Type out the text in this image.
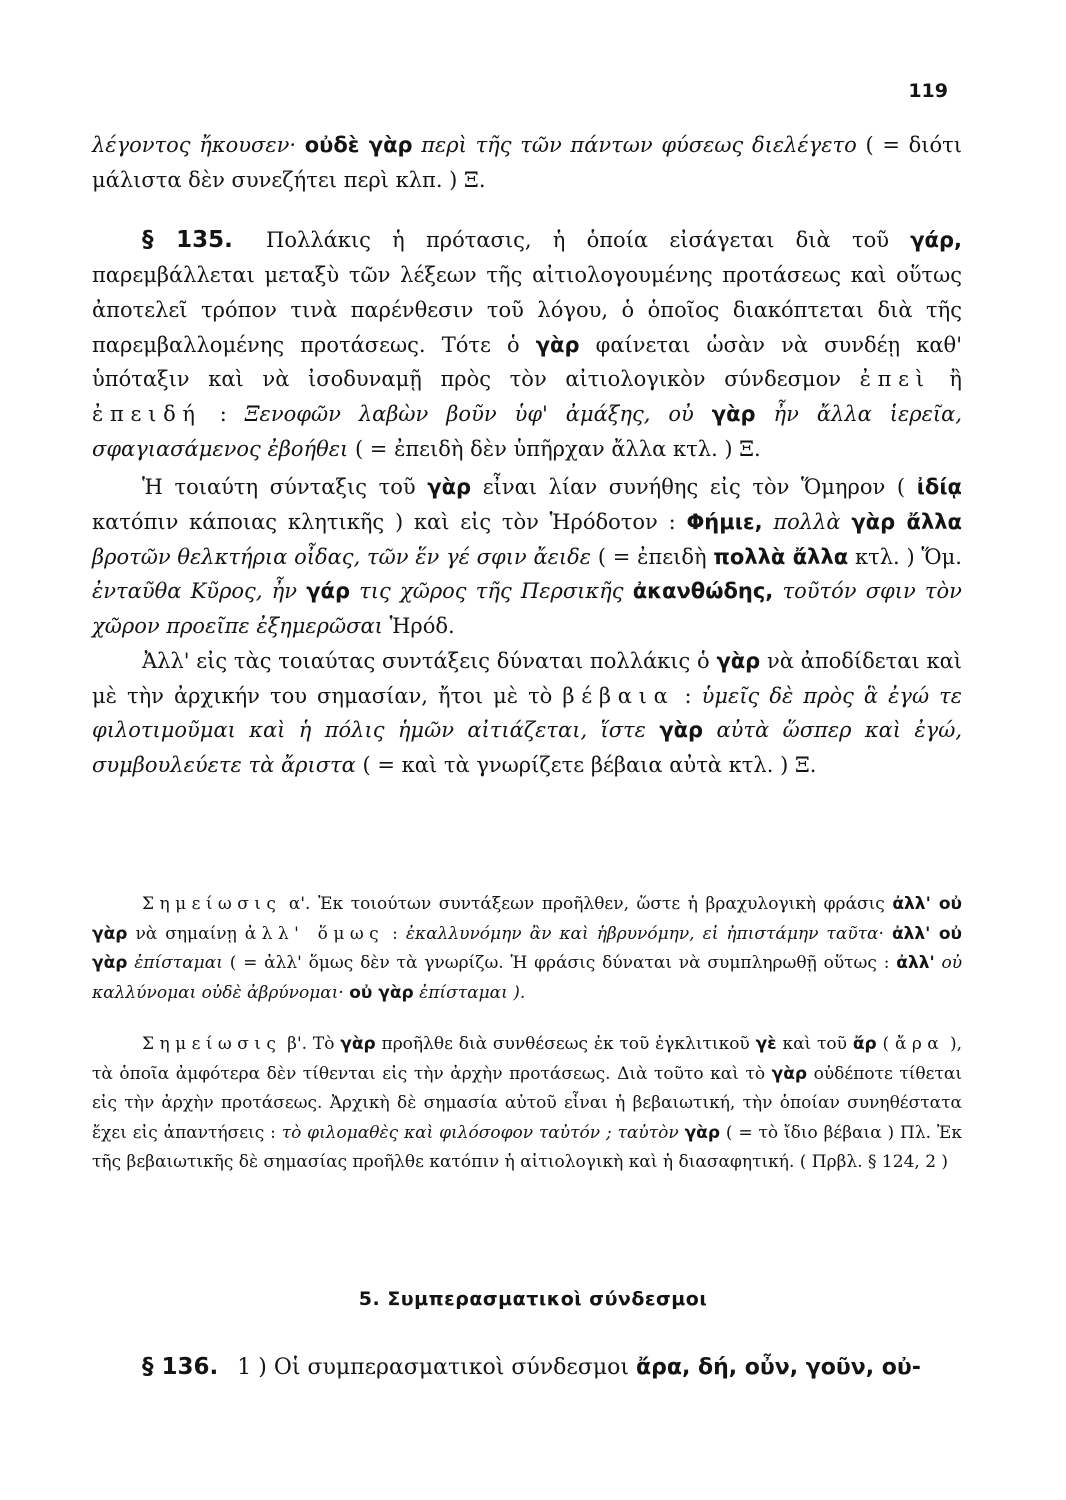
119

λέγοντος ἤκουσεν· οὐδὲ γὰρ περὶ τῆς τῶν πάντων φύσεως διελέγετο ( = διότι μάλιστα δὲν συνεζήτει περὶ κλπ. ) Ξ.

§ 135. Πολλάκις ἡ πρότασις, ἡ ὁποία εἰσάγεται διὰ τοῦ γάρ, παρεμβάλλεται μεταξὺ τῶν λέξεων τῆς αἰτιολογουμένης προτάσεως καὶ οὕτως ἀποτελεῖ τρόπον τινὰ παρένθεσιν τοῦ λόγου, ὁ ὁποῖος διακόπτεται διὰ τῆς παρεμβαλλομένης προτάσεως. Τότε ὁ γὰρ φαίνεται ὡσὰν νὰ συνδέῃ καθ' ὑπόταξιν καὶ νὰ ἰσοδυναμῇ πρὸς τὸν αἰτιολογικὸν σύνδεσμον ἐπεὶ ἢ ἐπειδή : Ξενοφῶν λαβὼν βοῦν ὑφ' ἀμάξης, οὐ γὰρ ἦν ἄλλα ἱερεῖα, σφαγιασάμενος ἐβοήθει ( = ἐπειδὴ δὲν ὑπῆρχαν ἄλλα κτλ. ) Ξ.

Ἡ τοιαύτη σύνταξις τοῦ γὰρ εἶναι λίαν συνήθης εἰς τὸν Ὅμηρον ( ἰδίᾳ κατόπιν κάποιας κλητικῆς ) καὶ εἰς τὸν Ἡρόδοτον : Φήμιε, πολλὰ γὰρ ἄλλα βροτῶν θελκτήρια οἶδας, τῶν ἕν γέ σφιν ἄειδε ( = ἐπειδὴ πολλὰ ἄλλα κτλ. ) Ὅμ. ἐνταῦθα Κῦρος, ἦν γάρ τις χῶρος τῆς Περσικῆς ἀκανθώδης, τοῦτόν σφιν τὸν χῶρον προεῖπε ἐξημερῶσαι Ἡρόδ.

Ἀλλ' εἰς τὰς τοιαύτας συντάξεις δύναται πολλάκις ὁ γὰρ νὰ ἀποδίδεται καὶ μὲ τὴν ἀρχικήν του σημασίαν, ἤτοι μὲ τὸ βέβαια : ὑμεῖς δὲ πρὸς ἃ ἐγώ τε φιλοτιμοῦμαι καὶ ἡ πόλις ἡμῶν αἰτιάζεται, ἵστε γὰρ αὐτὰ ὥσπερ καὶ ἐγώ, συμβουλεύετε τὰ ἄριστα ( = καὶ τὰ γνωρίζετε βέβαια αὐτὰ κτλ. ) Ξ.

Σημείωσις α'. Ἐκ τοιούτων συντάξεων προῆλθεν, ὥστε ἡ βραχυλογικὴ φράσις ἀλλ' οὐ γὰρ νὰ σημαίνῃ ἀλλ' ὅμως : ἐκαλλυνόμην ἂν καὶ ἡβρυνόμην, εἰ ἠπιστάμην ταῦτα· ἀλλ' οὐ γὰρ ἐπίσταμαι ( = ἀλλ' ὅμως δὲν τὰ γνωρίζω. Ἡ φράσις δύναται νὰ συμπληρωθῇ οὕτως : ἀλλ' οὐ καλλύνομαι οὐδὲ ἀβρύνομαι· οὐ γὰρ ἐπίσταμαι ).

Σημείωσις β'. Τὸ γὰρ προῆλθε διὰ συνθέσεως ἐκ τοῦ ἐγκλιτικοῦ γὲ καὶ τοῦ ἄρ ( ἄρα ), τὰ ὁποῖα ἀμφότερα δὲν τίθενται εἰς τὴν ἀρχὴν προτάσεως. Διὰ τοῦτο καὶ τὸ γὰρ οὐδέποτε τίθεται εἰς τὴν ἀρχὴν προτάσεως. Ἀρχικὴ δὲ σημασία αὐτοῦ εἶναι ἡ βεβαιωτική, τὴν ὁποίαν συνηθέστατα ἔχει εἰς ἀπαντήσεις : τὸ φιλομαθὲς καὶ φιλόσοφον ταὐτόν ; ταὐτὸν γὰρ ( = τὸ ἴδιο βέβαια ) Πλ. Ἐκ τῆς βεβαιωτικῆς δὲ σημασίας προῆλθε κατόπιν ἡ αἰτιολογικὴ καὶ ἡ διασαφητική. ( Πρβλ. § 124, 2 )

5. Συμπερασματικοὶ σύνδεσμοι

§ 136. 1 ) Οἱ συμπερασματικοὶ σύνδεσμοι ἄρα, δή, οὖν, γοῦν, οὐ-
